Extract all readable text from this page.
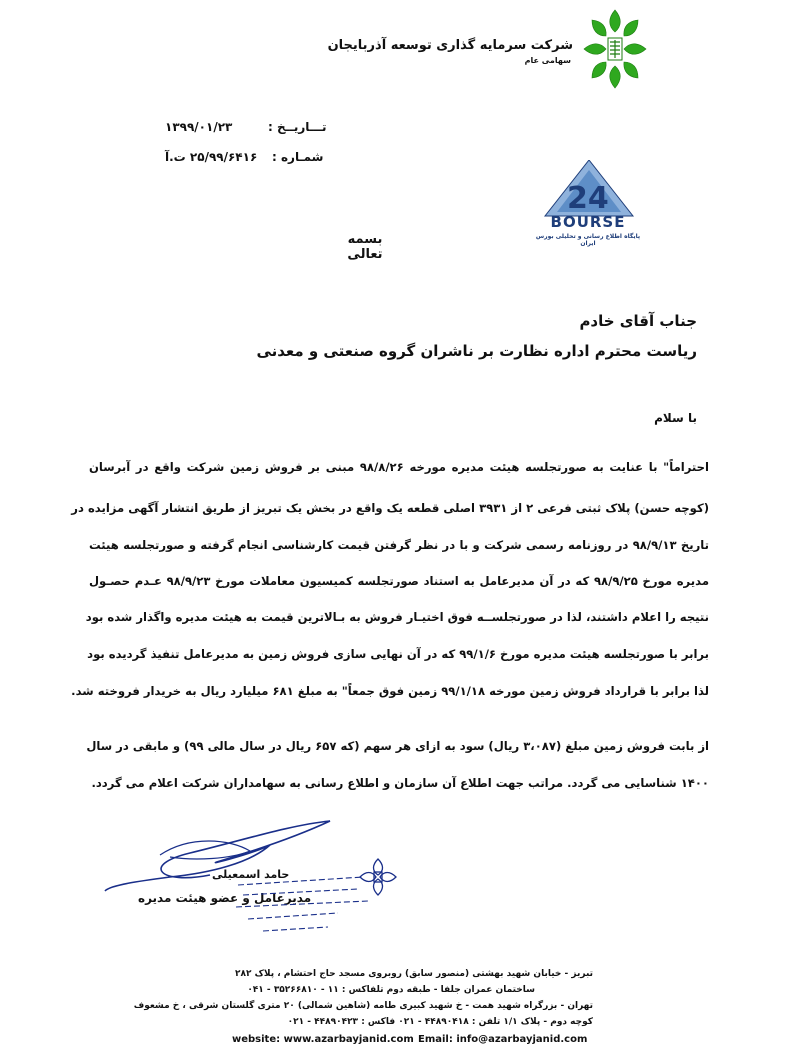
شرکت سرمایه گذاری توسعه آذربایجان
سهامی عام
تـــاریــخ :
۱۳۹۹/۰۱/۲۳
شمـاره :
۲۵/۹۹/۶۴۱۶ ت.آ
24
BOURSE
پایگاه اطلاع رسانی و تحلیلی بورس ایران
بسمه تعالی
جناب آقای خادم
ریاست محترم اداره نظارت بر ناشران گروه صنعتی و معدنی
با سلام
احتراماً" با عنایت به صورتجلسه هیئت مدیره مورخه ۹۸/۸/۲۶ مبنی بر فروش زمین شرکت واقع در آبرسان
(کوچه حسن) پلاک ثبتی فرعی ۲ از ۳۹۳۱ اصلی قطعه یک واقع در بخش یک تبریز از طریق انتشار آگهی مزایده در
تاریخ ۹۸/۹/۱۳ در روزنامه رسمی شرکت و با در نظر گرفتن قیمت کارشناسی انجام گرفته و صورتجلسه هیئت
مدیره مورخ ۹۸/۹/۲۵ که در آن مدیرعامل به استناد صورتجلسه کمیسیون معاملات مورخ ۹۸/۹/۲۳ عـدم حصـول
نتیجه را اعلام داشتند، لذا در صورتجلســه فوق اختیـار فروش به بـالاترین قیمت به هیئت مدیره واگذار شده بود
برابر با صورتجلسه هیئت مدیره مورخ ۹۹/۱/۶ که در آن نهایی سازی فروش زمین به مدیرعامل تنفیذ گردیده بود
لذا برابر با قرارداد فروش زمین مورخه ۹۹/۱/۱۸ زمین فوق جمعاً" به مبلغ ۶۸۱ میلیارد ریال به خریدار فروخته شد.
از بابت فروش زمین مبلغ (۳،۰۸۷ ریال) سود به ازای هر سهم (که ۶۵۷ ریال در سال مالی ۹۹) و مابقی در سال
۱۴۰۰ شناسایی می گردد. مراتب جهت اطلاع آن سازمان و اطلاع رسانی به سهامداران شرکت اعلام می گردد.
حامد اسمعیلی
مدیرعامل و عضو هیئت مدیره
تبریز - خیابان شهید بهشتی (منصور سابق) روبروی مسجد حاج احتشام ، پلاک ۲۸۲
ساختمان عمران جلفا - طبقه دوم تلفاکس : ۱۱ - ۳۵۲۶۶۸۱۰ - ۰۴۱
تهران - بزرگراه شهید همت - خ شهید کبیری طامه (شاهین شمالی) ۲۰ متری گلستان شرقی ، خ مشعوف
کوچه دوم - پلاک ۱/۱ تلفن : ۴۴۸۹۰۴۱۸ - ۰۲۱ فاکس : ۴۴۸۹۰۴۲۳ - ۰۲۱
website: www.azarbayjanid.com Email: info@azarbayjanid.com
